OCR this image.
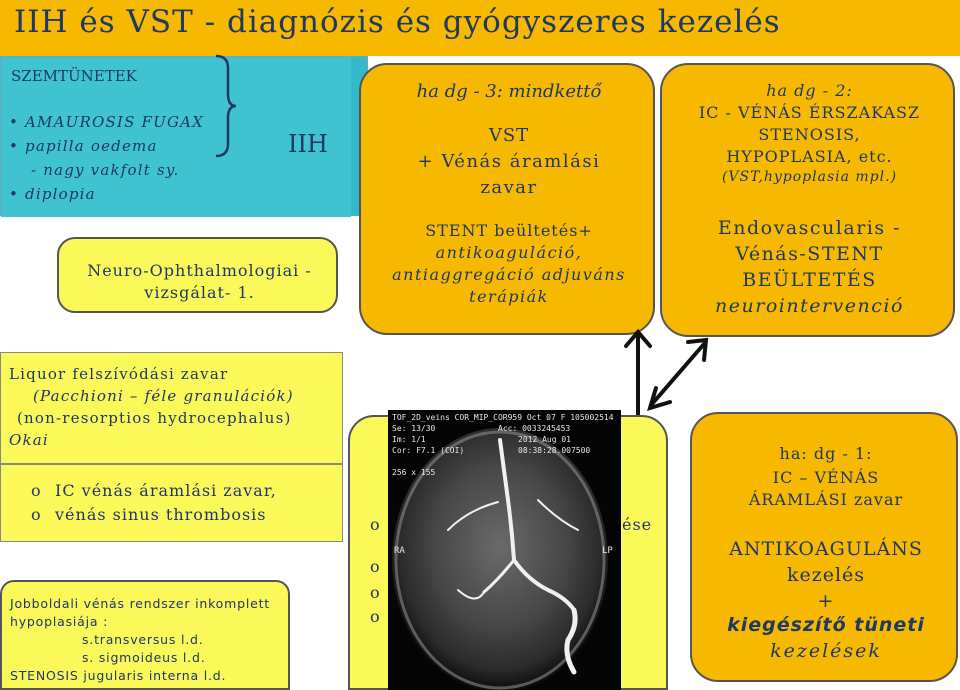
IIH és VST - diagnózis és gyógyszeres kezelés
SZEMTÜNETEK
• AMAUROSIS FUGAX
• papilla oedema
- nagy vakfolt sy.
• diplopia
IIH
Neuro-Ophthalmologiai -
vizsgálat- 1.
ha dg - 3: mindkettő
VST
+ Vénás áramlási
zavar
STENT beültetés+
antikoaguláció,
antiaggregáció adjuváns
terápiák
ha dg - 2:
IC - VÉNÁS ÉRSZAKASZ
STENOSIS,
HYPOPLASIA, etc.
(VST,hypoplasia mpl.)
Endovascularis -
Vénás-STENT
BEÜLTETÉS
neurointervenció
Liquor felszívódási zavar
(Pacchioni – féle granulációk)
(non-resorptios hydrocephalus)
Okai
o IC vénás áramlási zavar,
o vénás sinus thrombosis
Jobboldali vénás rendszer inkomplett
hypoplasiája :
s.transversus l.d.
s. sigmoideus l.d.
STENOSIS jugularis interna l.d.
o
o
o
o
ése
TOF_2D_veins COR_MIP_COR959 Oct 07 F 105002514
Se: 13/30	Acc: 0033245453
Im: 1/1	2012 Aug 01
Cor: F7.1 (COI)	08:38:28.007500
256 x 155
RA	LP
ha: dg - 1:
IC – VÉNÁS
ÁRAMLÁSI zavar
ANTIKOAGULÁNS
kezelés
+
kiegészítő tüneti
kezelések
